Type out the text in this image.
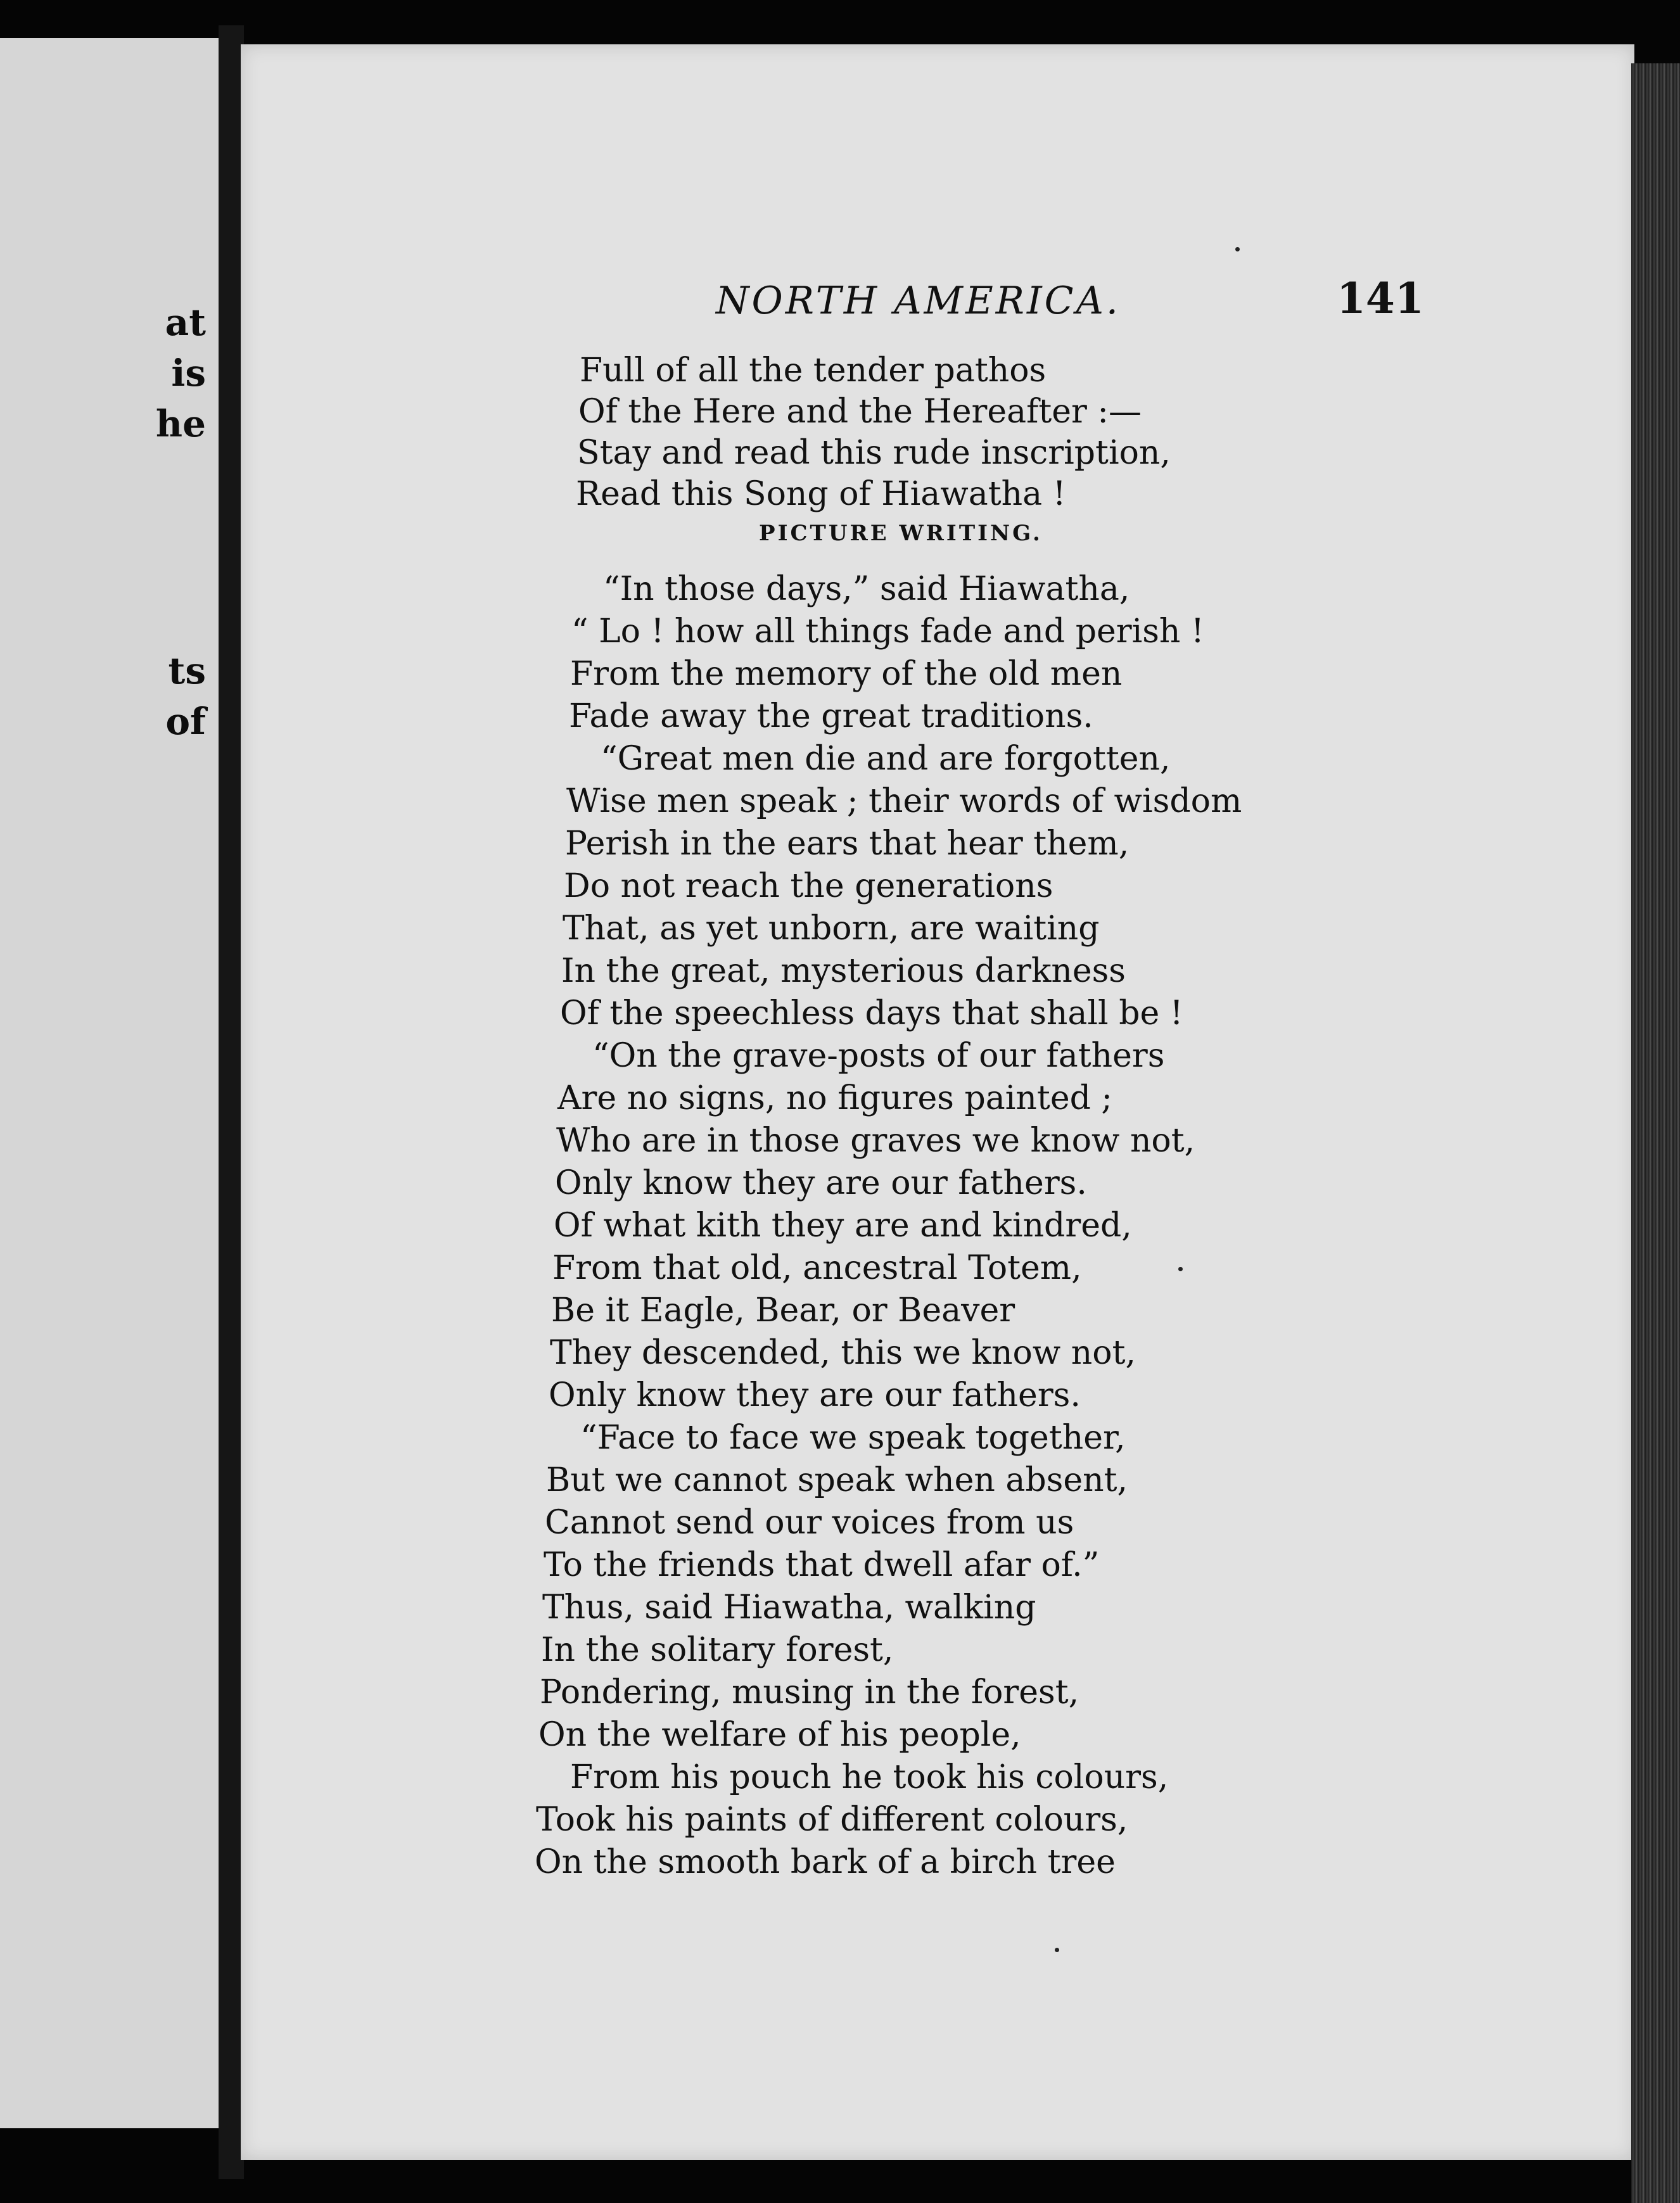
at
is
he
ts
of
NORTH AMERICA.	141
Full of all the tender pathos
Of the Here and the Hereafter :—
Stay and read this rude inscription,
Read this Song of Hiawatha !
PICTURE WRITING.
“In those days,” said Hiawatha,
“ Lo ! how all things fade and perish !
From the memory of the old men
Fade away the great traditions.
“Great men die and are forgotten,
Wise men speak ; their words of wisdom
Perish in the ears that hear them,
Do not reach the generations
That, as yet unborn, are waiting
In the great, mysterious darkness
Of the speechless days that shall be !
“On the grave-posts of our fathers
Are no signs, no figures painted ;
Who are in those graves we know not,
Only know they are our fathers.
Of what kith they are and kindred,
From that old, ancestral Totem,
Be it Eagle, Bear, or Beaver
They descended, this we know not,
Only know they are our fathers.
“Face to face we speak together,
But we cannot speak when absent,
Cannot send our voices from us
To the friends that dwell afar of.”
Thus, said Hiawatha, walking
In the solitary forest,
Pondering, musing in the forest,
On the welfare of his people,
From his pouch he took his colours,
Took his paints of different colours,
On the smooth bark of a birch tree
